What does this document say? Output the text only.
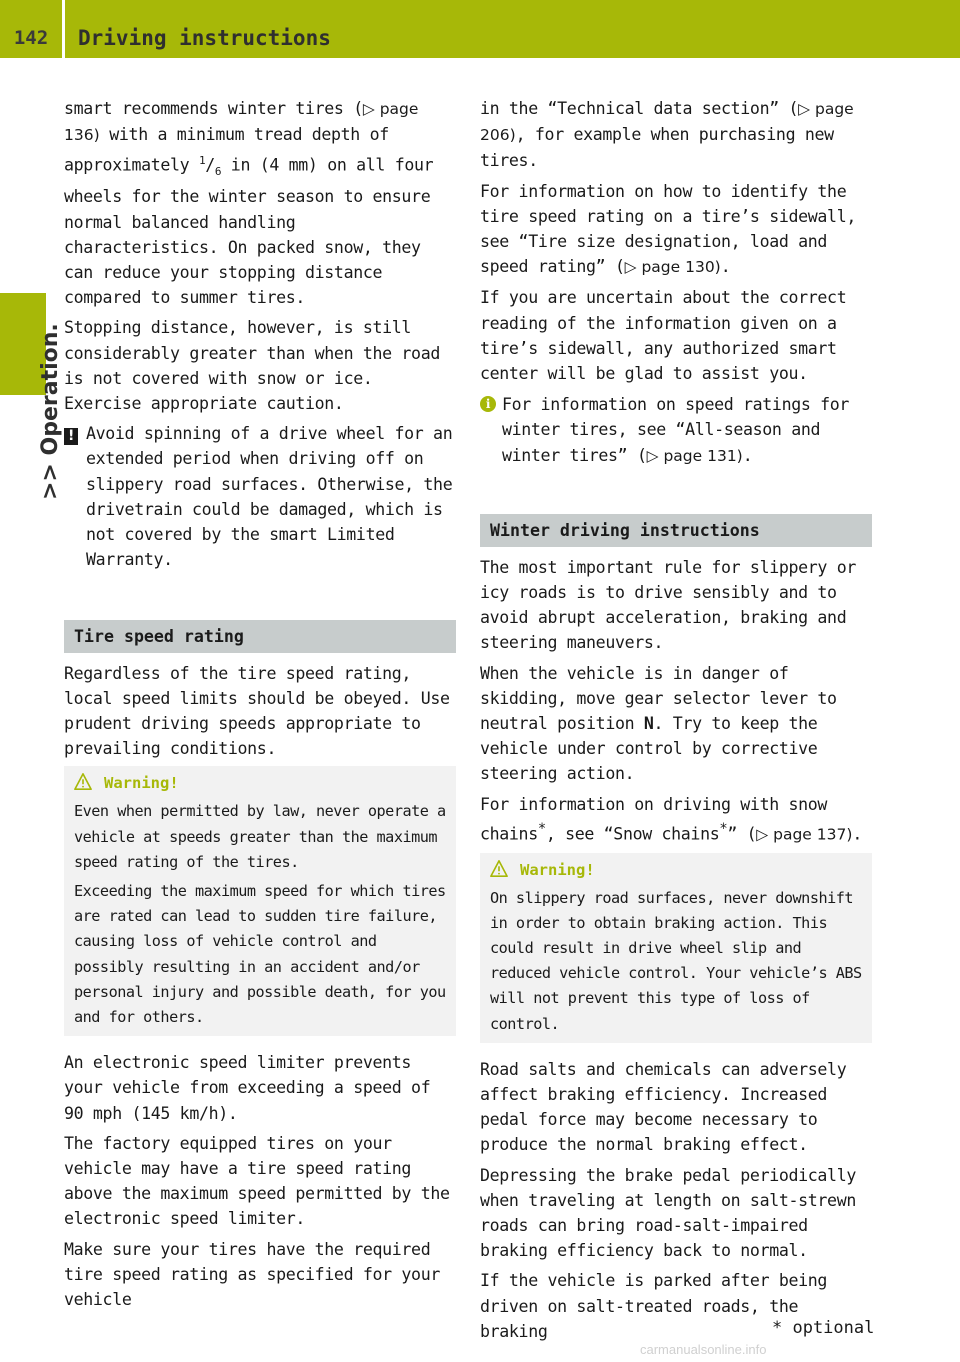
142	Driving instructions
>> Operation.

smart recommends winter tires (▷ page 136) with a minimum tread depth of approximately $^1/_6$ in (4 mm) on all four wheels for the winter season to ensure normal balanced handling characteristics. On packed snow, they can reduce your stopping distance compared to summer tires.

Stopping distance, however, is still considerably greater than when the road is not covered with snow or ice. Exercise appropriate caution.

! Avoid spinning of a drive wheel for an extended period when driving off on slippery road surfaces. Otherwise, the drivetrain could be damaged, which is not covered by the smart Limited Warranty.
Tire speed rating

Regardless of the tire speed rating, local speed limits should be obeyed. Use prudent driving speeds appropriate to prevailing conditions.

Warning!

Even when permitted by law, never operate a vehicle at speeds greater than the maximum speed rating of the tires.

Exceeding the maximum speed for which tires are rated can lead to sudden tire failure, causing loss of vehicle control and possibly resulting in an accident and/or personal injury and possible death, for you and for others.

An electronic speed limiter prevents your vehicle from exceeding a speed of 90 mph (145 km/h).

The factory equipped tires on your vehicle may have a tire speed rating above the maximum speed permitted by the electronic speed limiter.

Make sure your tires have the required tire speed rating as specified for your vehicle

in the “Technical data section” (▷ page 206), for example when purchasing new tires.

For information on how to identify the tire speed rating on a tire’s sidewall, see “Tire size designation, load and speed rating” (▷ page 130).

If you are uncertain about the correct reading of the information given on a tire’s sidewall, any authorized smart center will be glad to assist you.

i For information on speed ratings for winter tires, see “All-season and winter tires” (▷ page 131).
Winter driving instructions

The most important rule for slippery or icy roads is to drive sensibly and to avoid abrupt acceleration, braking and steering maneuvers.

When the vehicle is in danger of skidding, move gear selector lever to neutral position N. Try to keep the vehicle under control by corrective steering action.

For information on driving with snow chains*, see “Snow chains*” (▷ page 137).

Warning!

On slippery road surfaces, never downshift in order to obtain braking action. This could result in drive wheel slip and reduced vehicle control. Your vehicle’s ABS will not prevent this type of loss of control.

Road salts and chemicals can adversely affect braking efficiency. Increased pedal force may become necessary to produce the normal braking effect.

Depressing the brake pedal periodically when traveling at length on salt-strewn roads can bring road-salt-impaired braking efficiency back to normal.

If the vehicle is parked after being driven on salt-treated roads, the braking	* optional
carmanualsonline.info
